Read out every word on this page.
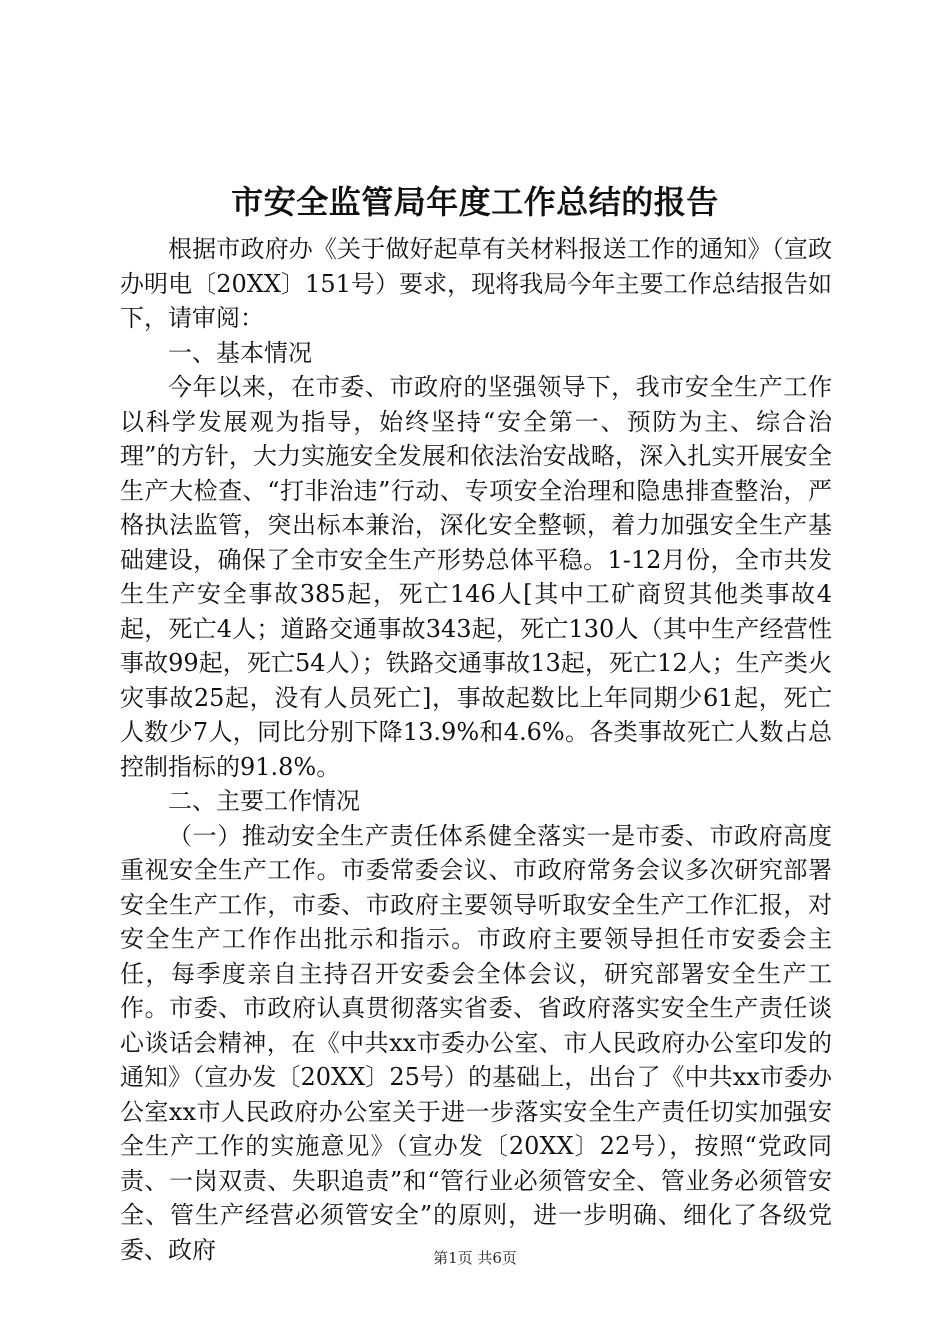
市安全监管局年度工作总结的报告

根据市政府办《关于做好起草有关材料报送工作的通知》（宣政办明电〔20XX〕151号）要求，现将我局今年主要工作总结报告如下，请审阅：

一、基本情况

今年以来，在市委、市政府的坚强领导下，我市安全生产工作以科学发展观为指导，始终坚持“安全第一、预防为主、综合治理”的方针，大力实施安全发展和依法治安战略，深入扎实开展安全生产大检查、“打非治违”行动、专项安全治理和隐患排查整治，严格执法监管，突出标本兼治，深化安全整顿，着力加强安全生产基础建设，确保了全市安全生产形势总体平稳。1-12月份，全市共发生生产安全事故385起，死亡146人[其中工矿商贸其他类事故4起，死亡4人；道路交通事故343起，死亡130人（其中生产经营性事故99起，死亡54人）；铁路交通事故13起，死亡12人；生产类火灾事故25起，没有人员死亡]，事故起数比上年同期少61起，死亡人数少7人，同比分别下降13.9%和4.6%。各类事故死亡人数占总控制指标的91.8%。

二、主要工作情况

（一）推动安全生产责任体系健全落实一是市委、市政府高度重视安全生产工作。市委常委会议、市政府常务会议多次研究部署安全生产工作，市委、市政府主要领导听取安全生产工作汇报，对安全生产工作作出批示和指示。市政府主要领导担任市安委会主任，每季度亲自主持召开安委会全体会议，研究部署安全生产工作。市委、市政府认真贯彻落实省委、省政府落实安全生产责任谈心谈话会精神，在《中共xx市委办公室、市人民政府办公室印发的通知》（宣办发〔20XX〕25号）的基础上，出台了《中共xx市委办公室xx市人民政府办公室关于进一步落实安全生产责任切实加强安全生产工作的实施意见》（宣办发〔20XX〕22号），按照“党政同责、一岗双责、失职追责”和“管行业必须管安全、管业务必须管安全、管生产经营必须管安全”的原则，进一步明确、细化了各级党委、政府	第1页 共6页
